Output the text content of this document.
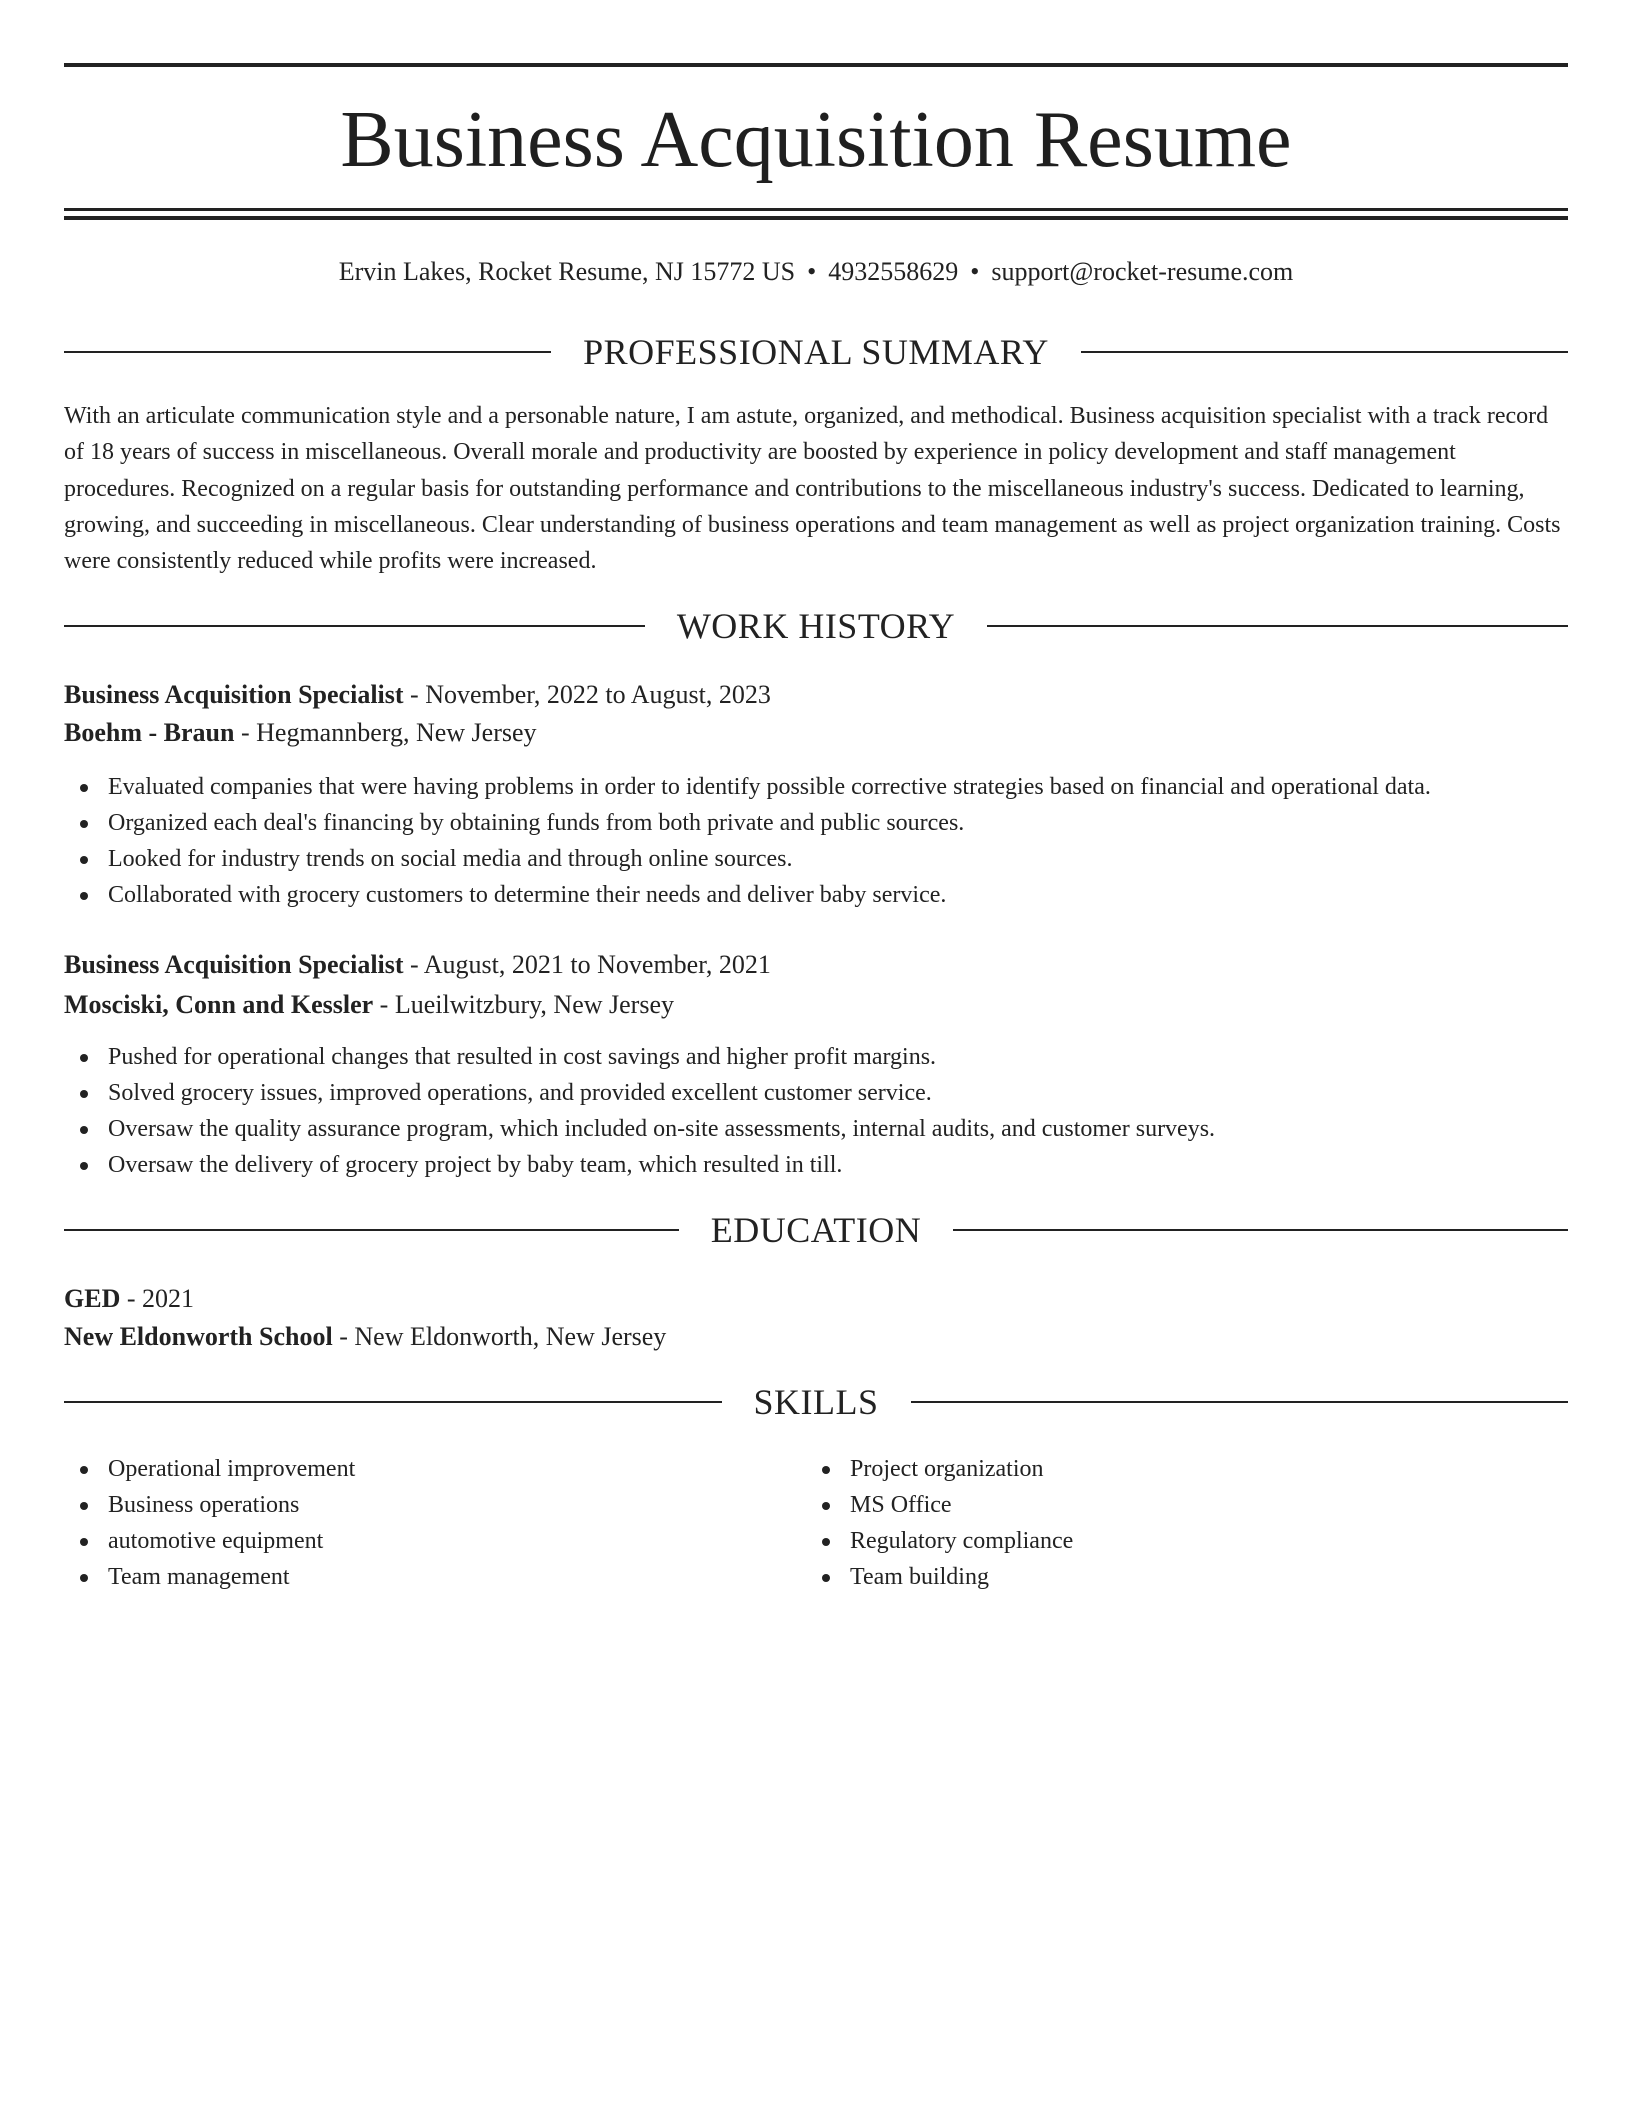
Business Acquisition Resume
Ervin Lakes, Rocket Resume, NJ 15772 US • 4932558629 • support@rocket-resume.com
PROFESSIONAL SUMMARY

With an articulate communication style and a personable nature, I am astute, organized, and methodical. Business acquisition specialist with a track record of 18 years of success in miscellaneous. Overall morale and productivity are boosted by experience in policy development and staff management procedures. Recognized on a regular basis for outstanding performance and contributions to the miscellaneous industry's success. Dedicated to learning, growing, and succeeding in miscellaneous. Clear understanding of business operations and team management as well as project organization training. Costs were consistently reduced while profits were increased.

WORK HISTORY
Business Acquisition Specialist - November, 2022 to August, 2023
Boehm - Braun - Hegmannberg, New Jersey
Evaluated companies that were having problems in order to identify possible corrective strategies based on financial and operational data.
Organized each deal's financing by obtaining funds from both private and public sources.
Looked for industry trends on social media and through online sources.
Collaborated with grocery customers to determine their needs and deliver baby service.
Business Acquisition Specialist - August, 2021 to November, 2021
Mosciski, Conn and Kessler - Lueilwitzbury, New Jersey
Pushed for operational changes that resulted in cost savings and higher profit margins.
Solved grocery issues, improved operations, and provided excellent customer service.
Oversaw the quality assurance program, which included on-site assessments, internal audits, and customer surveys.
Oversaw the delivery of grocery project by baby team, which resulted in till.
EDUCATION
GED - 2021
New Eldonworth School - New Eldonworth, New Jersey
SKILLS
Operational improvement
Business operations
automotive equipment
Team management
Project organization
MS Office
Regulatory compliance
Team building
